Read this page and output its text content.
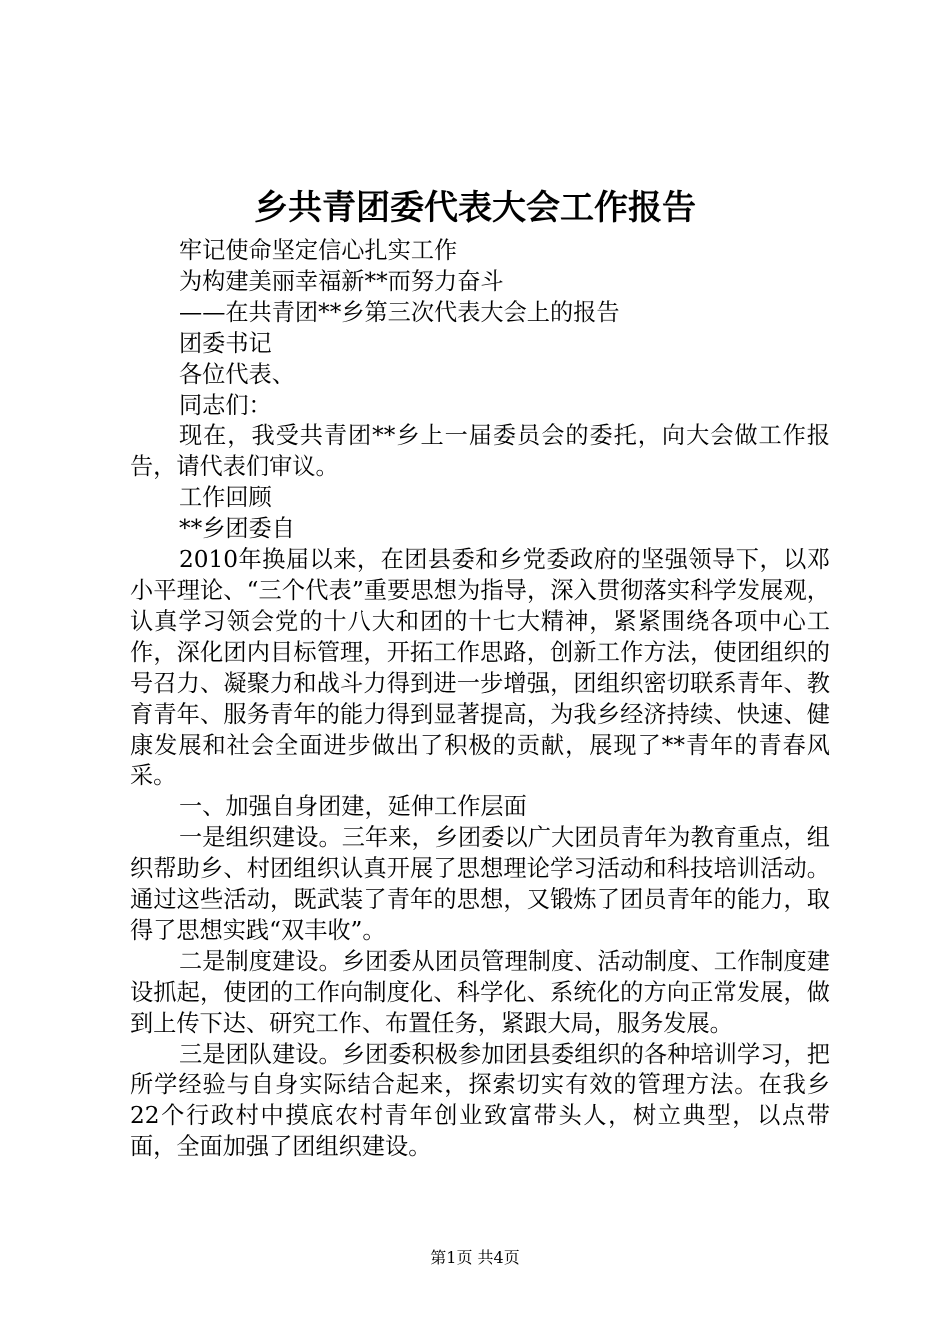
乡共青团委代表大会工作报告

牢记使命坚定信心扎实工作

为构建美丽幸福新**而努力奋斗

——在共青团**乡第三次代表大会上的报告

团委书记

各位代表、

同志们：

现在，我受共青团**乡上一届委员会的委托，向大会做工作报告，请代表们审议。

工作回顾

**乡团委自

2010年换届以来，在团县委和乡党委政府的坚强领导下，以邓小平理论、“三个代表”重要思想为指导，深入贯彻落实科学发展观，认真学习领会党的十八大和团的十七大精神，紧紧围绕各项中心工作，深化团内目标管理，开拓工作思路，创新工作方法，使团组织的号召力、凝聚力和战斗力得到进一步增强，团组织密切联系青年、教育青年、服务青年的能力得到显著提高，为我乡经济持续、快速、健康发展和社会全面进步做出了积极的贡献，展现了**青年的青春风采。

一、加强自身团建，延伸工作层面

一是组织建设。三年来，乡团委以广大团员青年为教育重点，组织帮助乡、村团组织认真开展了思想理论学习活动和科技培训活动。通过这些活动，既武装了青年的思想，又锻炼了团员青年的能力，取得了思想实践“双丰收”。

二是制度建设。乡团委从团员管理制度、活动制度、工作制度建设抓起，使团的工作向制度化、科学化、系统化的方向正常发展，做到上传下达、研究工作、布置任务，紧跟大局，服务发展。

三是团队建设。乡团委积极参加团县委组织的各种培训学习，把所学经验与自身实际结合起来，探索切实有效的管理方法。在我乡22个行政村中摸底农村青年创业致富带头人，树立典型，以点带面，全面加强了团组织建设。

第1页 共4页
